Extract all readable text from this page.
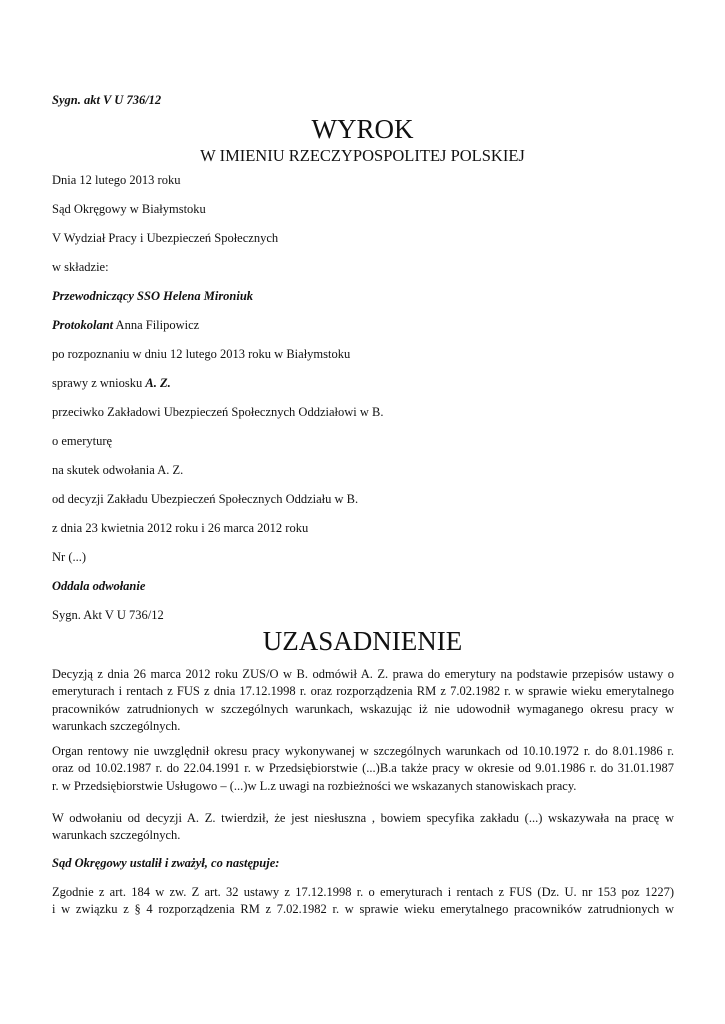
Sygn. akt V U 736/12
WYROK
W IMIENIU RZECZYPOSPOLITEJ POLSKIEJ
Dnia 12 lutego 2013 roku
Sąd Okręgowy w Białymstoku
V Wydział Pracy i Ubezpieczeń Społecznych
w składzie:
Przewodniczący SSO Helena Mironiuk
Protokolant Anna Filipowicz
po rozpoznaniu w dniu 12 lutego 2013 roku w Białymstoku
sprawy z wniosku A. Z.
przeciwko Zakładowi Ubezpieczeń Społecznych Oddziałowi w B.
o emeryturę
na skutek odwołania A. Z.
od decyzji Zakładu Ubezpieczeń Społecznych Oddziału w B.
z dnia 23 kwietnia 2012 roku i 26 marca 2012 roku
Nr (...)
Oddala odwołanie
Sygn. Akt V U 736/12
UZASADNIENIE
Decyzją z dnia 26 marca 2012 roku ZUS/O w B. odmówił A. Z. prawa do emerytury na podstawie przepisów ustawy o
emeryturach i rentach z FUS z dnia 17.12.1998 r. oraz rozporządzenia RM z 7.02.1982 r. w sprawie wieku emerytalnego
pracowników zatrudnionych w szczególnych warunkach, wskazując iż nie udowodnił wymaganego okresu pracy w
warunkach szczególnych.
Organ rentowy nie uwzględnił okresu pracy wykonywanej w szczególnych warunkach od 10.10.1972 r. do 8.01.1986 r.
oraz od 10.02.1987 r. do 22.04.1991 r. w Przedsiębiorstwie (...)B.a także pracy w okresie od 9.01.1986 r. do 31.01.1987
r. w Przedsiębiorstwie Usługowo – (...)w L.z uwagi na rozbieżności we wskazanych stanowiskach pracy.
W odwołaniu od decyzji A. Z. twierdził, że jest niesłuszna , bowiem specyfika zakładu (...) wskazywała na pracę w
warunkach szczególnych.
Sąd Okręgowy ustalił i zważył, co następuje:
Zgodnie z art. 184 w zw. Z art. 32 ustawy z 17.12.1998 r. o emeryturach i rentach z FUS (Dz. U. nr 153 poz 1227)
i w związku z § 4 rozporządzenia RM z 7.02.1982 r. w sprawie wieku emerytalnego pracowników zatrudnionych w
